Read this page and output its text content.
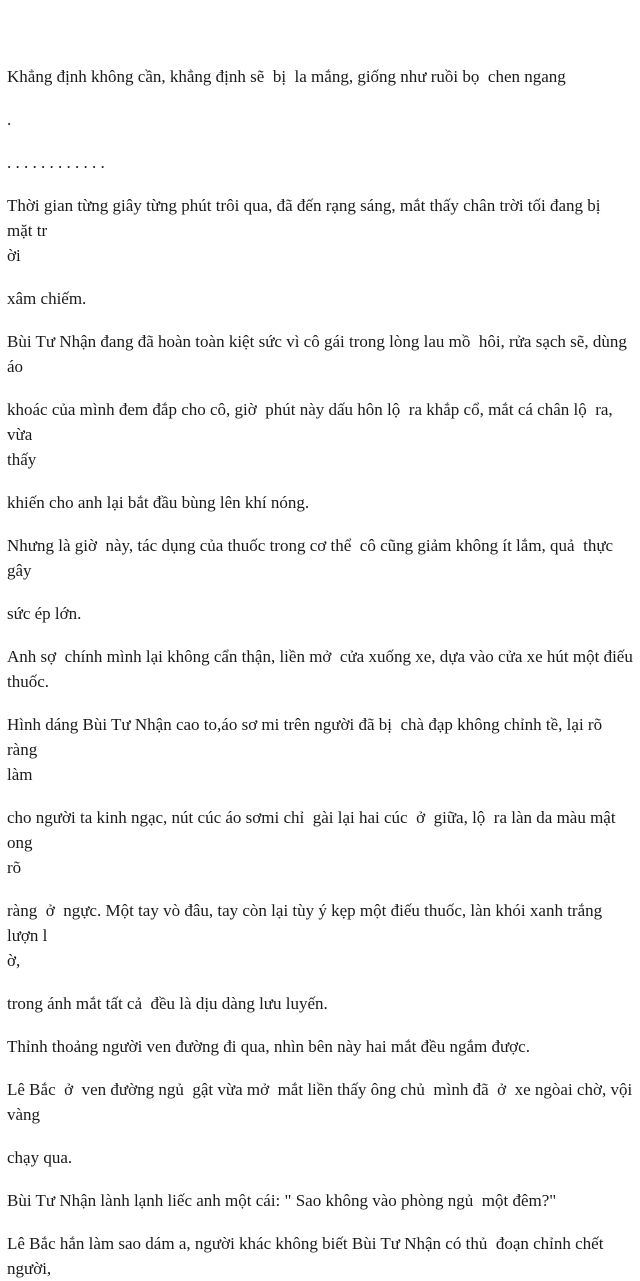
Khẳng định không cần, khẳng định sẽ  bị  la mắng, giống như ruồi bọ  chen ngang

.

. . . . . . . . . . . .

Thời gian từng giây từng phút trôi qua, đã đến rạng sáng, mắt thấy chân trời tối đang bị  mặt tr
ời

xâm chiếm.

Bùi Tư Nhận đang đã hoàn toàn kiệt sức vì cô gái trong lòng lau mồ  hôi, rửa sạch sẽ, dùng áo

khoác của mình đem đắp cho cô, giờ  phút này dấu hôn lộ  ra khắp cổ, mắt cá chân lộ  ra, vừa
thấy

khiến cho anh lại bắt đầu bùng lên khí nóng.

Nhưng là giờ  này, tác dụng của thuốc trong cơ thể  cô cũng giảm không ít lắm, quả  thực gây

sức ép lớn.

Anh sợ  chính mình lại không cẩn thận, liền mở  cửa xuống xe, dựa vào cửa xe hút một điếu
thuốc.

Hình dáng Bùi Tư Nhận cao to,áo sơ mi trên người đã bị  chà đạp không chỉnh tề, lại rõ ràng
làm

cho người ta kinh ngạc, nút cúc áo sơmi chỉ  gài lại hai cúc  ở  giữa, lộ  ra làn da màu mật ong
rõ

ràng  ở  ngực. Một tay vò đâu, tay còn lại tùy ý kẹp một điếu thuốc, làn khói xanh trắng lượn l
ờ,

trong ánh mắt tất cả  đều là dịu dàng lưu luyến.

Thỉnh thoảng người ven đường đi qua, nhìn bên này hai mắt đều ngắm được.

Lê Bắc  ở  ven đường ngủ  gật vừa mở  mắt liền thấy ông chủ  mình đã  ở  xe ngòai chờ, vội
vàng

chạy qua.

Bùi Tư Nhận lành lạnh liếc anh một cái: " Sao không vào phòng ngủ  một đêm?"

Lê Bắc hắn làm sao dám a, người khác không biết Bùi Tư Nhận có thủ  đoạn chỉnh chết người,
